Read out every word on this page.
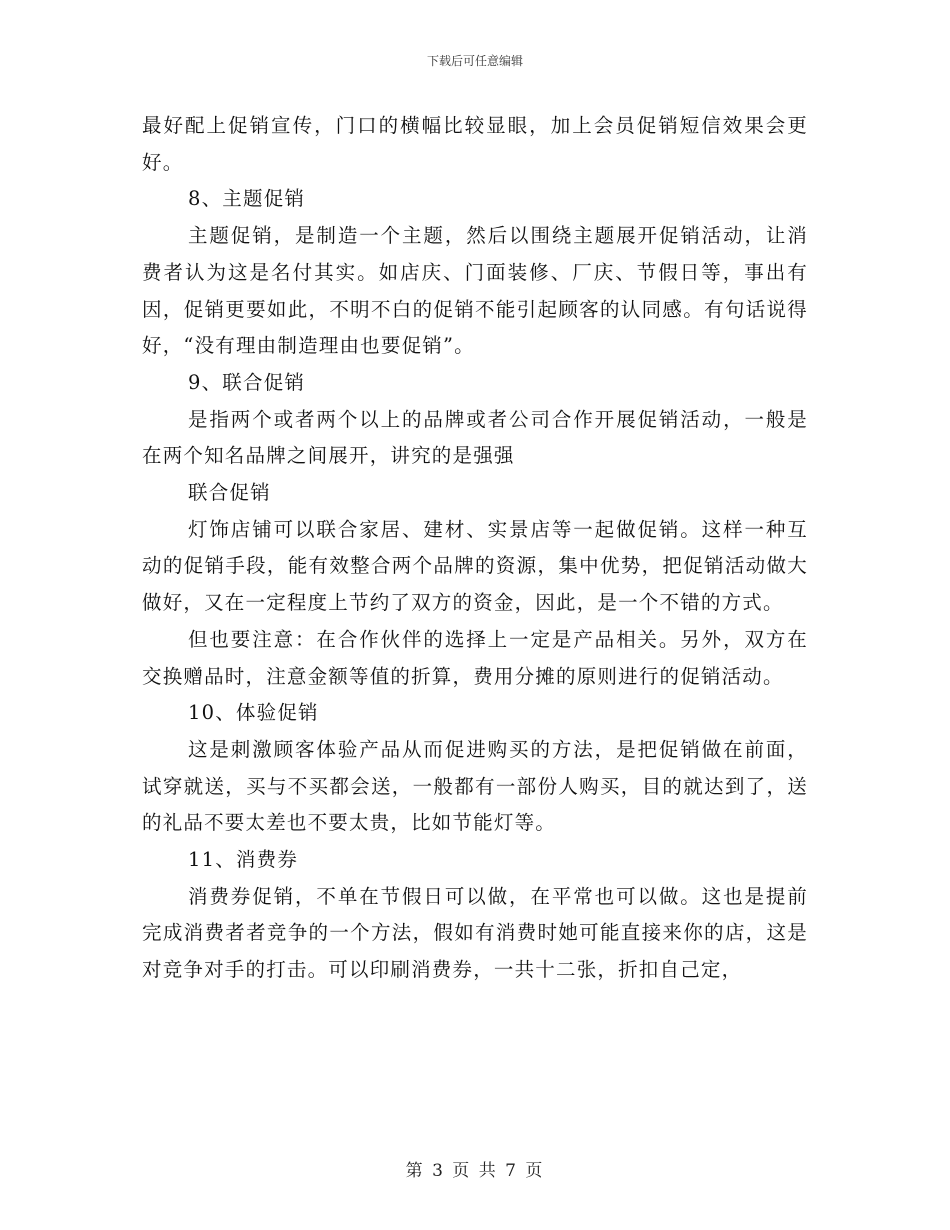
下载后可任意编辑

最好配上促销宣传，门口的横幅比较显眼，加上会员促销短信效果会更好。

8、主题促销

主题促销，是制造一个主题，然后以围绕主题展开促销活动，让消费者认为这是名付其实。如店庆、门面装修、厂庆、节假日等，事出有因，促销更要如此，不明不白的促销不能引起顾客的认同感。有句话说得好，“没有理由制造理由也要促销”。

9、联合促销

是指两个或者两个以上的品牌或者公司合作开展促销活动，一般是在两个知名品牌之间展开，讲究的是强强

联合促销

灯饰店铺可以联合家居、建材、实景店等一起做促销。这样一种互动的促销手段，能有效整合两个品牌的资源，集中优势，把促销活动做大做好，又在一定程度上节约了双方的资金，因此，是一个不错的方式。

但也要注意：在合作伙伴的选择上一定是产品相关。另外，双方在交换赠品时，注意金额等值的折算，费用分摊的原则进行的促销活动。

10、体验促销

这是刺激顾客体验产品从而促进购买的方法，是把促销做在前面，试穿就送，买与不买都会送，一般都有一部份人购买，目的就达到了，送的礼品不要太差也不要太贵，比如节能灯等。

11、消费券

消费券促销，不单在节假日可以做，在平常也可以做。这也是提前完成消费者者竞争的一个方法，假如有消费时她可能直接来你的店，这是对竞争对手的打击。可以印刷消费券，一共十二张，折扣自己定，

第 3 页 共 7 页
